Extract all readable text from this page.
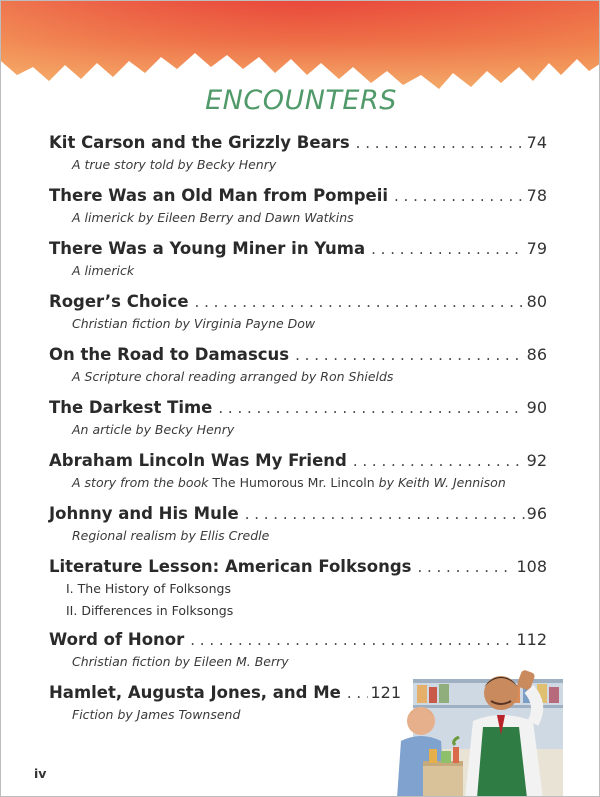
ENCOUNTERS
Kit Carson and the Grizzly Bears . . .	74
A true story told by Becky Henry
There Was an Old Man from Pompeii . . .	78
A limerick by Eileen Berry and Dawn Watkins
There Was a Young Miner in Yuma . . .	79
A limerick
Roger’s Choice . . .	80
Christian fiction by Virginia Payne Dow
On the Road to Damascus . . .	86
A Scripture choral reading arranged by Ron Shields
The Darkest Time . . .	90
An article by Becky Henry
Abraham Lincoln Was My Friend . . .	92
A story from the book The Humorous Mr. Lincoln by Keith W. Jennison
Johnny and His Mule . . .	96
Regional realism by Ellis Credle
Literature Lesson: American Folksongs . . .	108
I. The History of Folksongs
II. Differences in Folksongs
Word of Honor . . .	112
Christian fiction by Eileen M. Berry
Hamlet, Augusta Jones, and Me . . . 121
Fiction by James Townsend
iv
